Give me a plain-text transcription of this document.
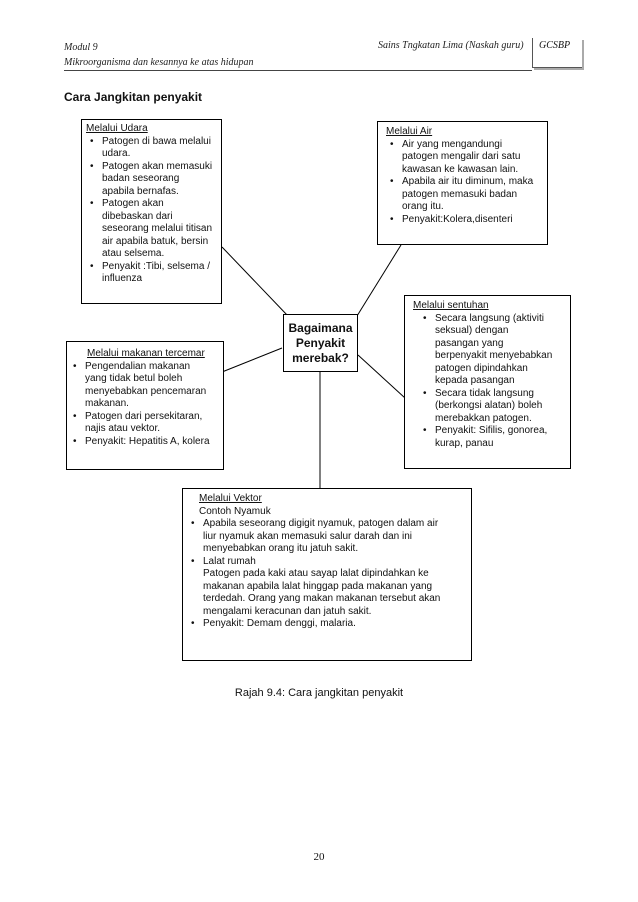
Modul 9
Mikroorganisma dan kesannya ke atas hidupan
Sains Tngkatan Lima (Naskah guru)	GCSBP
Cara Jangkitan penyakit
Melalui Udara
• Patogen di bawa melalui
udara.
• Patogen akan memasuki
badan seseorang
apabila bernafas.
• Patogen akan
dibebaskan dari
seseorang melalui titisan
air apabila batuk, bersin
atau selsema.
• Penyakit :Tibi, selsema /
influenza
Melalui Air
• Air yang mengandungi
patogen mengalir dari satu
kawasan ke kawasan lain.
• Apabila air itu diminum, maka
patogen memasuki badan
orang itu.
• Penyakit:Kolera,disenteri
Bagaimana
Penyakit
merebak?
Melalui sentuhan
• Secara langsung (aktiviti
seksual) dengan
pasangan yang
berpenyakit menyebabkan
patogen dipindahkan
kepada pasangan
• Secara tidak langsung
(berkongsi alatan) boleh
merebakkan patogen.
• Penyakit: Sifilis, gonorea,
kurap, panau
Melalui makanan tercemar
• Pengendalian makanan
yang tidak betul boleh
menyebabkan pencemaran
makanan.
• Patogen dari persekitaran,
najis atau vektor.
• Penyakit: Hepatitis A, kolera
Melalui Vektor
Contoh Nyamuk
• Apabila seseorang digigit nyamuk, patogen dalam air
liur nyamuk akan memasuki salur darah dan ini
menyebabkan orang itu jatuh sakit.
• Lalat rumah
Patogen pada kaki atau sayap lalat dipindahkan ke
makanan apabila lalat hinggap pada makanan yang
terdedah. Orang yang makan makanan tersebut akan
mengalami keracunan dan jatuh sakit.
• Penyakit: Demam denggi, malaria.
Rajah 9.4: Cara jangkitan penyakit
20
